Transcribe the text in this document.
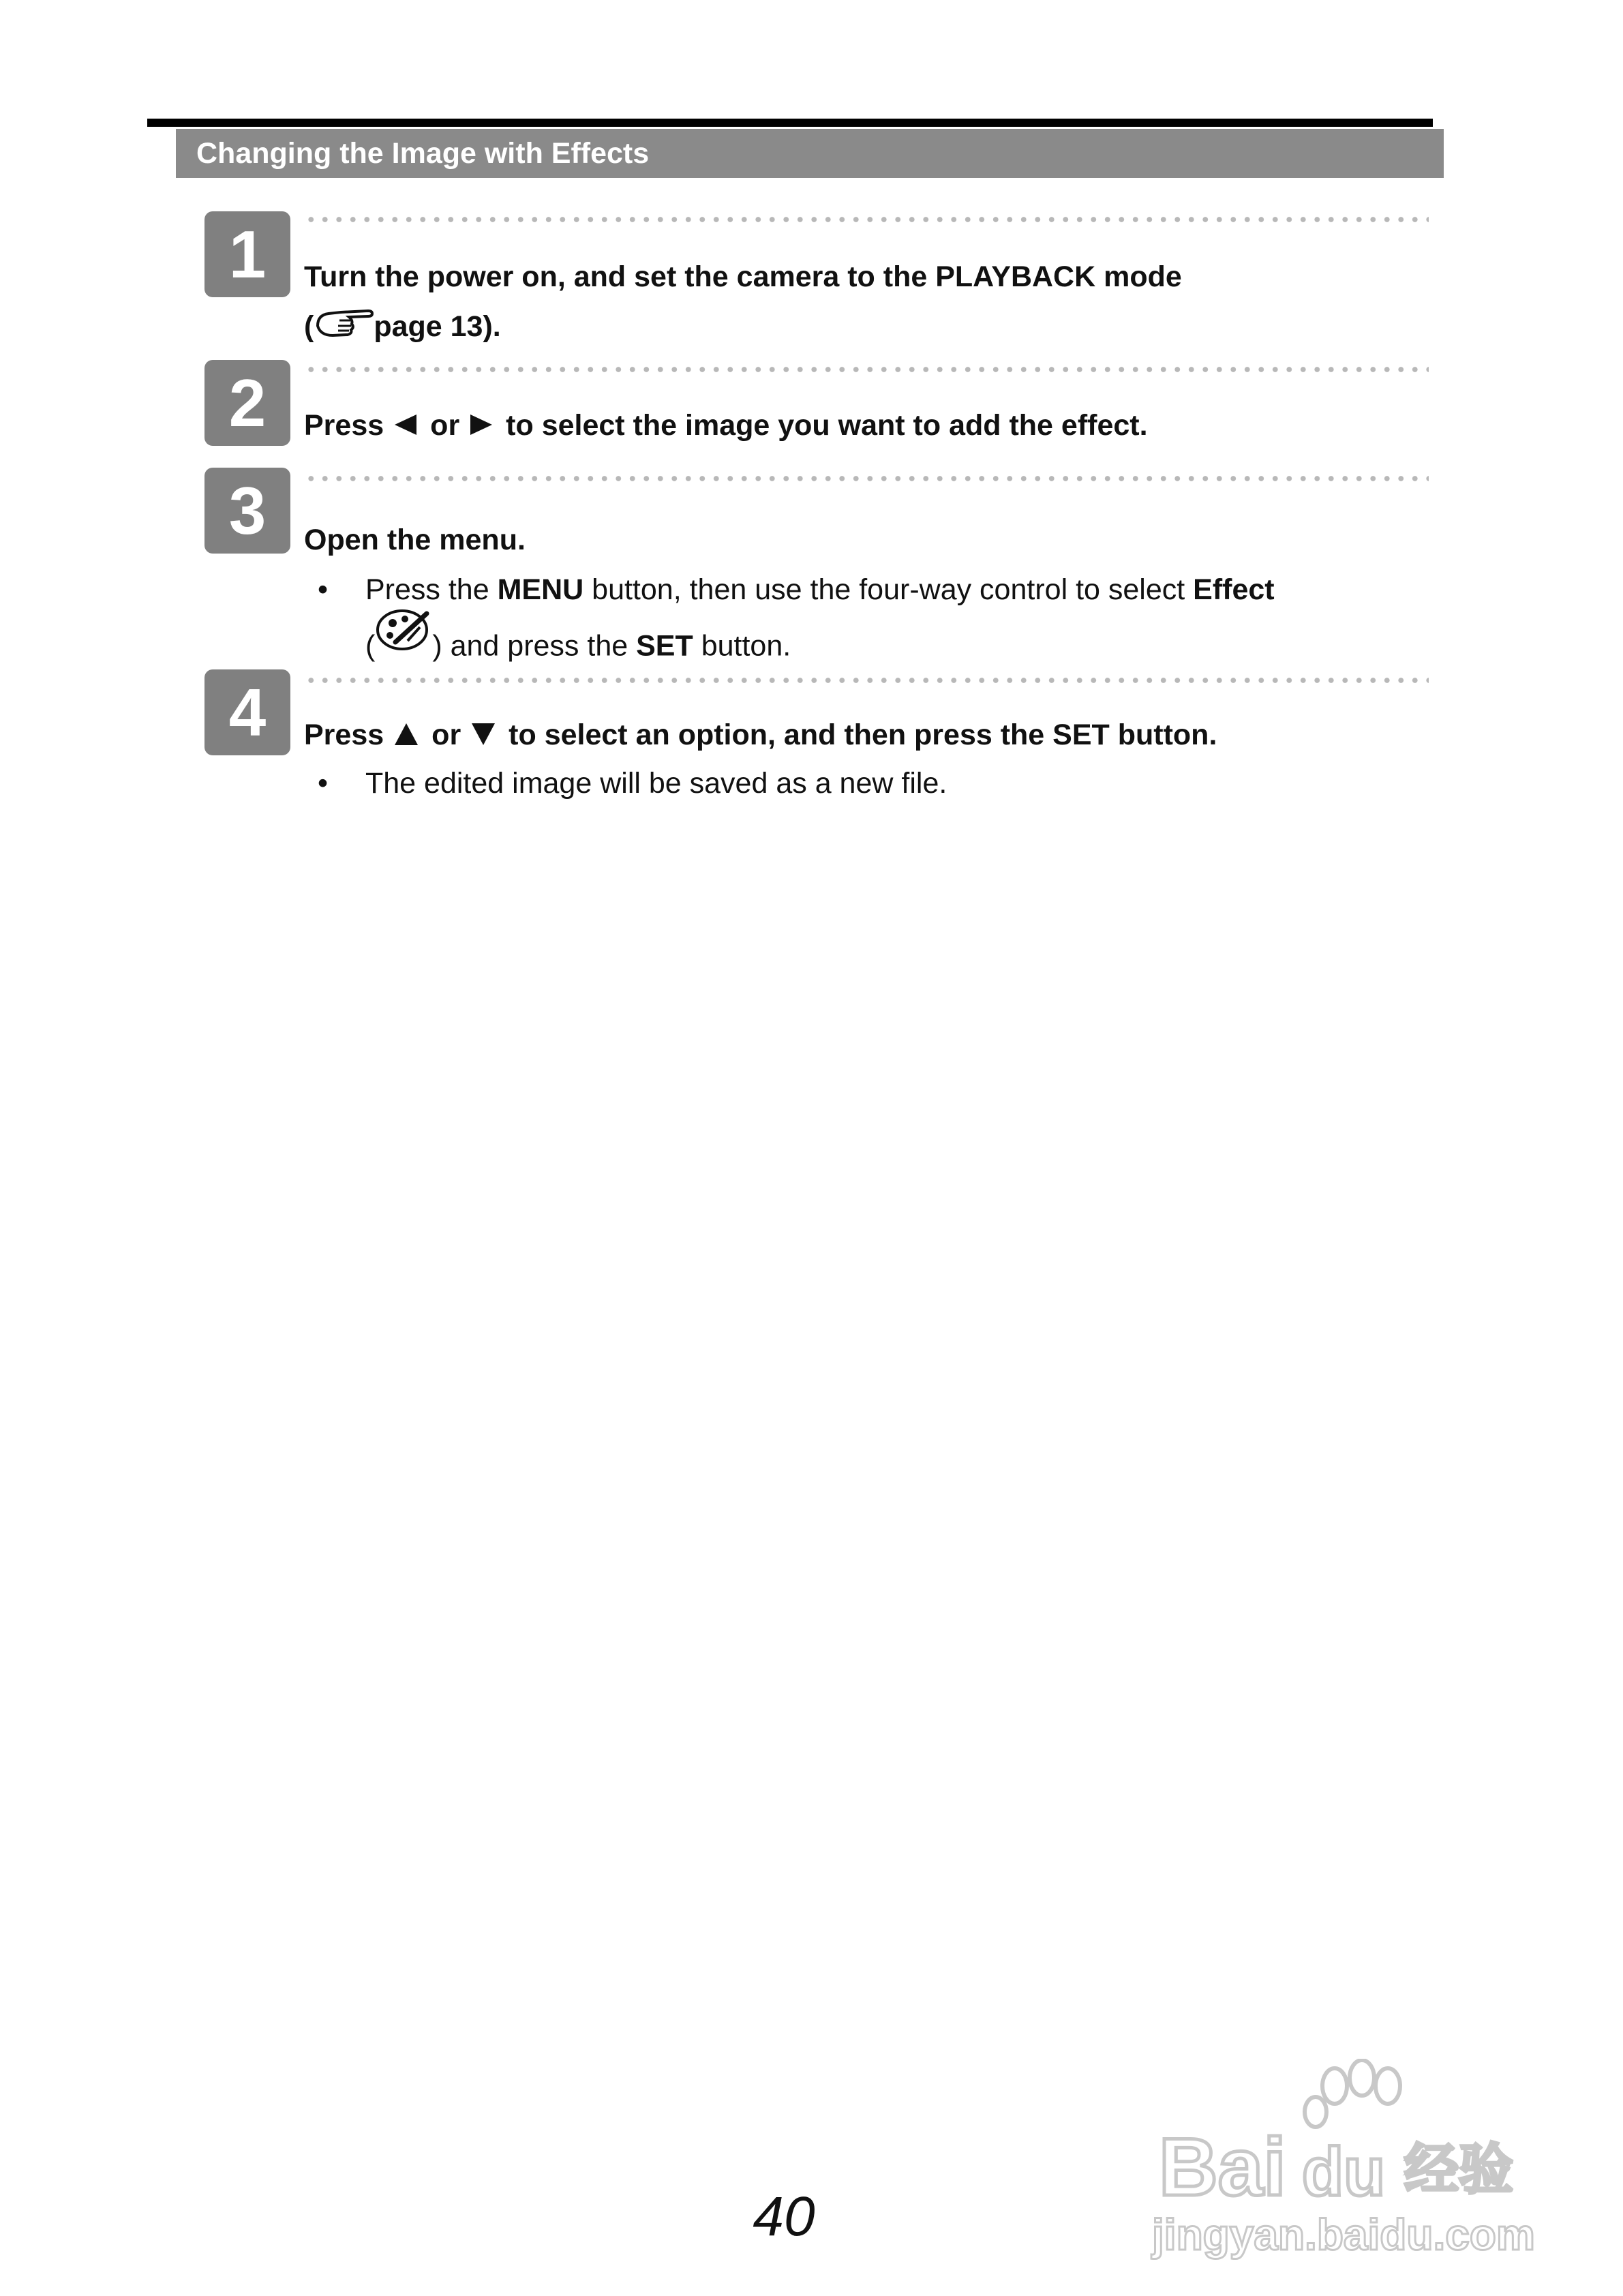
Changing the Image with Effects
1	Turn the power on, and set the camera to the PLAYBACK mode
( page 13).
2	Press or to select the image you want to add the effect.
3	Open the menu.
• Press the MENU button, then use the four-way control to select Effect
( ) and press the SET button.
4	Press or to select an option, and then press the SET button.
• The edited image will be saved as a new file.
40
Bai du 经验
jingyan.baidu.com
